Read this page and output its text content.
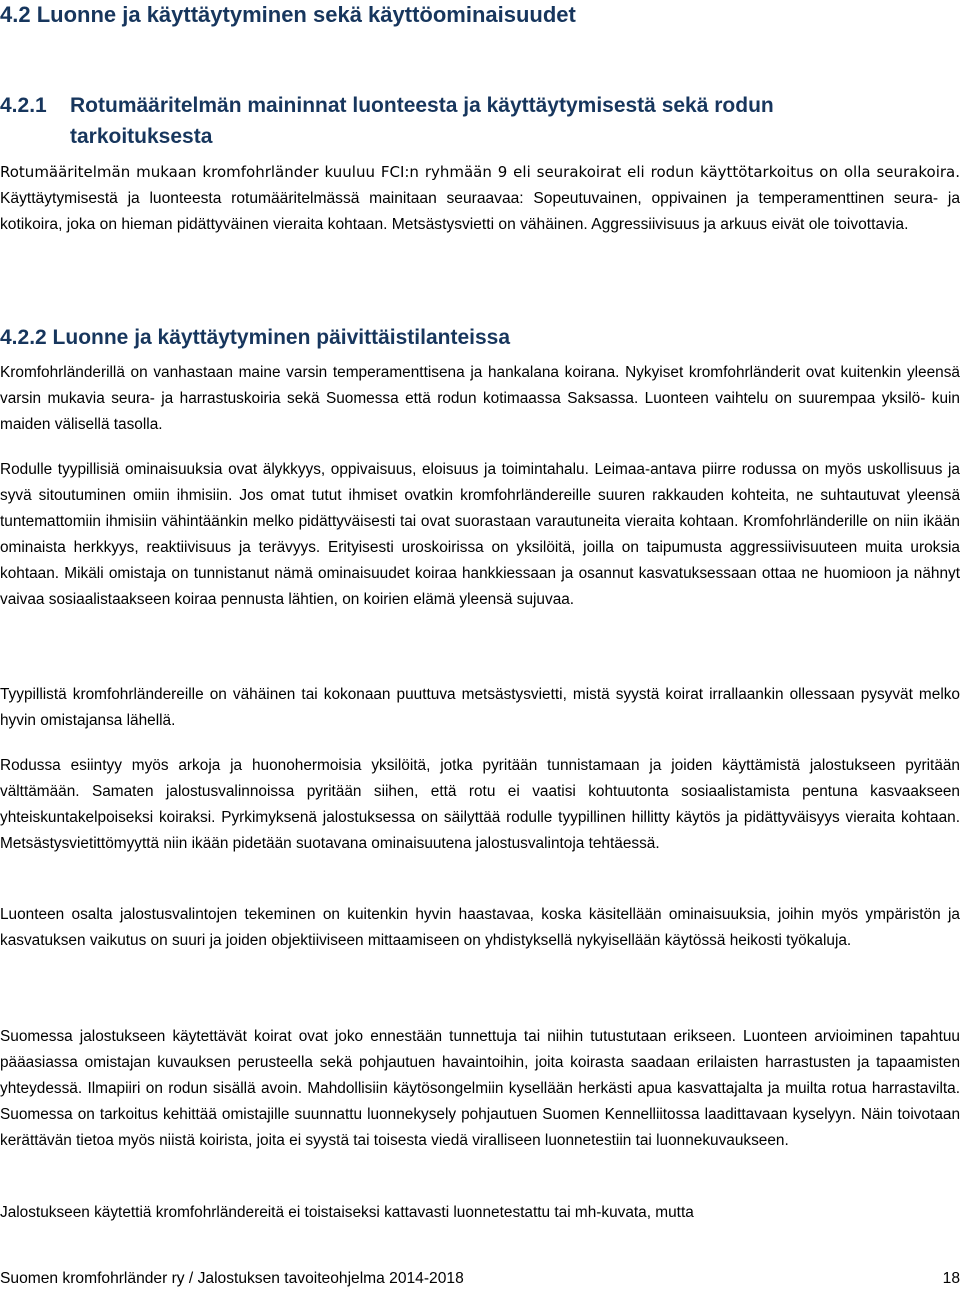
4.2 Luonne ja käyttäytyminen sekä käyttöominaisuudet
4.2.1 Rotumääritelmän maininnat luonteesta ja käyttäytymisestä sekä rodun
tarkoituksesta

Rotumääritelmän mukaan kromfohrländer kuuluu FCI:n ryhmään 9 eli seurakoirat eli rodun käyttötarkoitus on olla seurakoira. Käyttäytymisestä ja luonteesta rotumääritelmässä mainitaan seuraavaa: Sopeutuvainen, oppivainen ja temperamenttinen seura- ja kotikoira, joka on hieman pidättyväinen vieraita kohtaan. Metsästysvietti on vähäinen. Aggressiivisuus ja arkuus eivät ole toivottavia.

4.2.2 Luonne ja käyttäytyminen päivittäistilanteissa

Kromfohrländerillä on vanhastaan maine varsin temperamenttisena ja hankalana koirana. Nykyiset kromfohrländerit ovat kuitenkin yleensä varsin mukavia seura- ja harrastuskoiria sekä Suomessa että rodun kotimaassa Saksassa. Luonteen vaihtelu on suurempaa yksilö- kuin maiden välisellä tasolla.

Rodulle tyypillisiä ominaisuuksia ovat älykkyys, oppivaisuus, eloisuus ja toimintahalu. Leimaa-antava piirre rodussa on myös uskollisuus ja syvä sitoutuminen omiin ihmisiin. Jos omat tutut ihmiset ovatkin kromfohrländereille suuren rakkauden kohteita, ne suhtautuvat yleensä tuntemattomiin ihmisiin vähintäänkin melko pidättyväisesti tai ovat suorastaan varautuneita vieraita kohtaan. Kromfohrländerille on niin ikään ominaista herkkyys, reaktiivisuus ja terävyys. Erityisesti uroskoirissa on yksilöitä, joilla on taipumusta aggressiivisuuteen muita uroksia kohtaan. Mikäli omistaja on tunnistanut nämä ominaisuudet koiraa hankkiessaan ja osannut kasvatuksessaan ottaa ne huomioon ja nähnyt vaivaa sosiaalistaakseen koiraa pennusta lähtien, on koirien elämä yleensä sujuvaa.

Tyypillistä kromfohrländereille on vähäinen tai kokonaan puuttuva metsästysvietti, mistä syystä koirat irrallaankin ollessaan pysyvät melko hyvin omistajansa lähellä.

Rodussa esiintyy myös arkoja ja huonohermoisia yksilöitä, jotka pyritään tunnistamaan ja joiden käyttämistä jalostukseen pyritään välttämään. Samaten jalostusvalinnoissa pyritään siihen, että rotu ei vaatisi kohtuutonta sosiaalistamista pentuna kasvaakseen yhteiskuntakelpoiseksi koiraksi. Pyrkimyksenä jalostuksessa on säilyttää rodulle tyypillinen hillitty käytös ja pidättyväisyys vieraita kohtaan. Metsästysvietittömyyttä niin ikään pidetään suotavana ominaisuutena jalostusvalintoja tehtäessä.

Luonteen osalta jalostusvalintojen tekeminen on kuitenkin hyvin haastavaa, koska käsitellään ominaisuuksia, joihin myös ympäristön ja kasvatuksen vaikutus on suuri ja joiden objektiiviseen mittaamiseen on yhdistyksellä nykyisellään käytössä heikosti työkaluja.

Suomessa jalostukseen käytettävät koirat ovat joko ennestään tunnettuja tai niihin tutustutaan erikseen. Luonteen arvioiminen tapahtuu pääasiassa omistajan kuvauksen perusteella sekä pohjautuen havaintoihin, joita koirasta saadaan erilaisten harrastusten ja tapaamisten yhteydessä. Ilmapiiri on rodun sisällä avoin. Mahdollisiin käytösongelmiin kysellään herkästi apua kasvattajalta ja muilta rotua harrastavilta. Suomessa on tarkoitus kehittää omistajille suunnattu luonnekysely pohjautuen Suomen Kennelliitossa laadittavaan kyselyyn. Näin toivotaan kerättävän tietoa myös niistä koirista, joita ei syystä tai toisesta viedä viralliseen luonnetestiin tai luonnekuvaukseen.

Jalostukseen käytettiä kromfohrländereitä ei toistaiseksi kattavasti luonnetestattu tai mh-kuvata, mutta

Suomen kromfohrländer ry / Jalostuksen tavoiteohjelma 2014-2018	18
